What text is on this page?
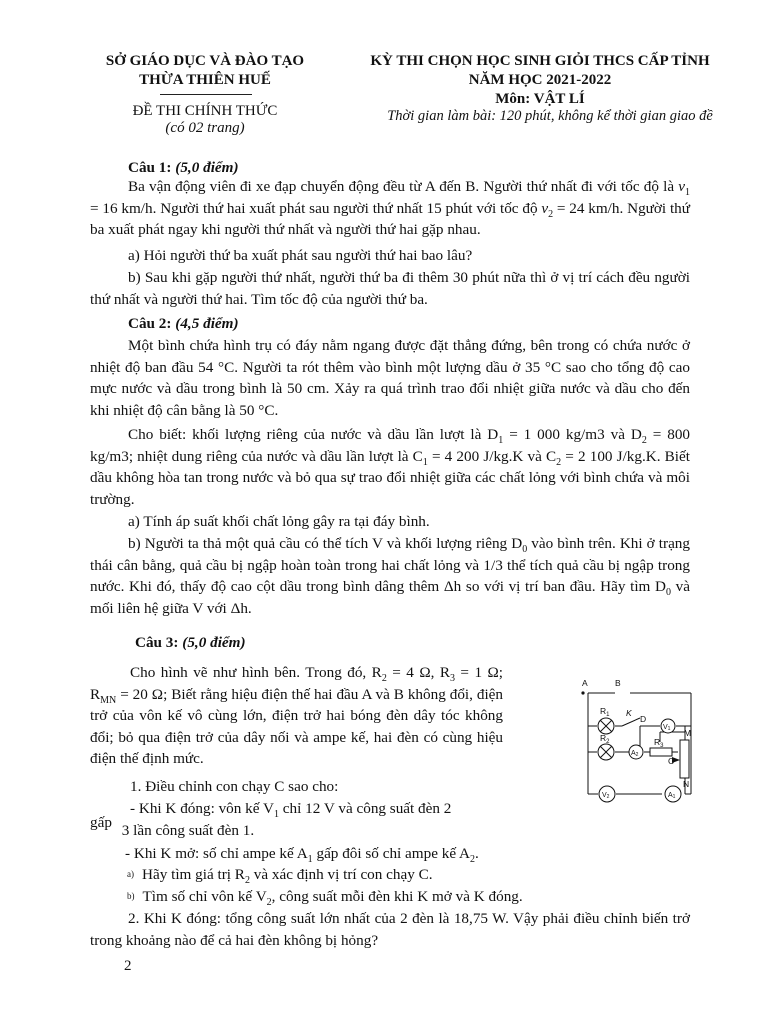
SỞ GIÁO DỤC VÀ ĐÀO TẠO
THỪA THIÊN HUẾ
ĐỀ THI CHÍNH THỨC
(có 02 trang)
KỲ THI CHỌN HỌC SINH GIỎI THCS CẤP TỈNH
NĂM HỌC 2021-2022
Môn: VẬT LÍ
Thời gian làm bài: 120 phút, không kể thời gian giao đề
Câu 1: (5,0 điểm)
Ba vận động viên đi xe đạp chuyển động đều từ A đến B. Người thứ nhất đi với tốc độ là $v_1 = 16$ km/h. Người thứ hai xuất phát sau người thứ nhất 15 phút với tốc độ $v_2 = 24$ km/h. Người thứ ba xuất phát ngay khi người thứ nhất và người thứ hai gặp nhau.
a) Hỏi người thứ ba xuất phát sau người thứ hai bao lâu?
b) Sau khi gặp người thứ nhất, người thứ ba đi thêm 30 phút nữa thì ở vị trí cách đều người thứ nhất và người thứ hai. Tìm tốc độ của người thứ ba.
Câu 2: (4,5 điểm)
Một bình chứa hình trụ có đáy nằm ngang được đặt thẳng đứng, bên trong có chứa nước ở nhiệt độ ban đầu 54 °C. Người ta rót thêm vào bình một lượng dầu ở 35 °C sao cho tổng độ cao mực nước và dầu trong bình là 50 cm. Xảy ra quá trình trao đổi nhiệt giữa nước và dầu cho đến khi nhiệt độ cân bằng là 50 °C.
Cho biết: khối lượng riêng của nước và dầu lần lượt là $D_1 = 1$ 000 kg/m3 và $D_2 = 800$ kg/m3; nhiệt dung riêng của nước và dầu lần lượt là $C_1 = 4$ 200 J/kg.K và $C_2 = 2$ 100 J/kg.K. Biết dầu không hòa tan trong nước và bỏ qua sự trao đổi nhiệt giữa các chất lỏng với bình chứa và môi trường.
a) Tính áp suất khối chất lỏng gây ra tại đáy bình.
b) Người ta thả một quả cầu có thể tích V và khối lượng riêng $D_0$ vào bình trên. Khi ở trạng thái cân bằng, quả cầu bị ngập hoàn toàn trong hai chất lỏng và 1/3 thể tích quả cầu bị ngập trong nước. Khi đó, thấy độ cao cột dầu trong bình dâng thêm Δh so với vị trí ban đầu. Hãy tìm $D_0$ và mối liên hệ giữa V với Δh.
Câu 3: (5,0 điểm)
Cho hình vẽ như hình bên. Trong đó, $R_2 = 4$ Ω, $R_3 = 1$ Ω; $R_{MN} = 20$ Ω; Biết rằng hiệu điện thế hai đầu A và B không đổi, điện trở của vôn kế vô cùng lớn, điện trở hai bóng đèn dây tóc không đổi; bỏ qua điện trở của dây nối và ampe kế, hai đèn có cùng hiệu điện thế định mức.
1. Điều chỉnh con chạy C sao cho:
- Khi K đóng: vôn kế $V_1$ chỉ 12 V và công suất đèn 2
gấp 3 lần công suất đèn 1.
- Khi K mở: số chỉ ampe kế $A_1$ gấp đôi số chỉ ampe kế $A_2$.
$^{a)}$ Hãy tìm giá trị $R_2$ và xác định vị trí con chạy C.
$^{b)}$ Tìm số chỉ vôn kế $V_2$, công suất mỗi đèn khi K mở và K đóng.
2. Khi K đóng: tổng công suất lớn nhất của 2 đèn là 18,75 W. Vậy phải điều chỉnh biến trở trong khoảng nào để cả hai đèn không bị hỏng?
A	B
$R_1$
$R_2$	$R_3$
K
D
M
N
C
V1
A2
V2	A1
2
